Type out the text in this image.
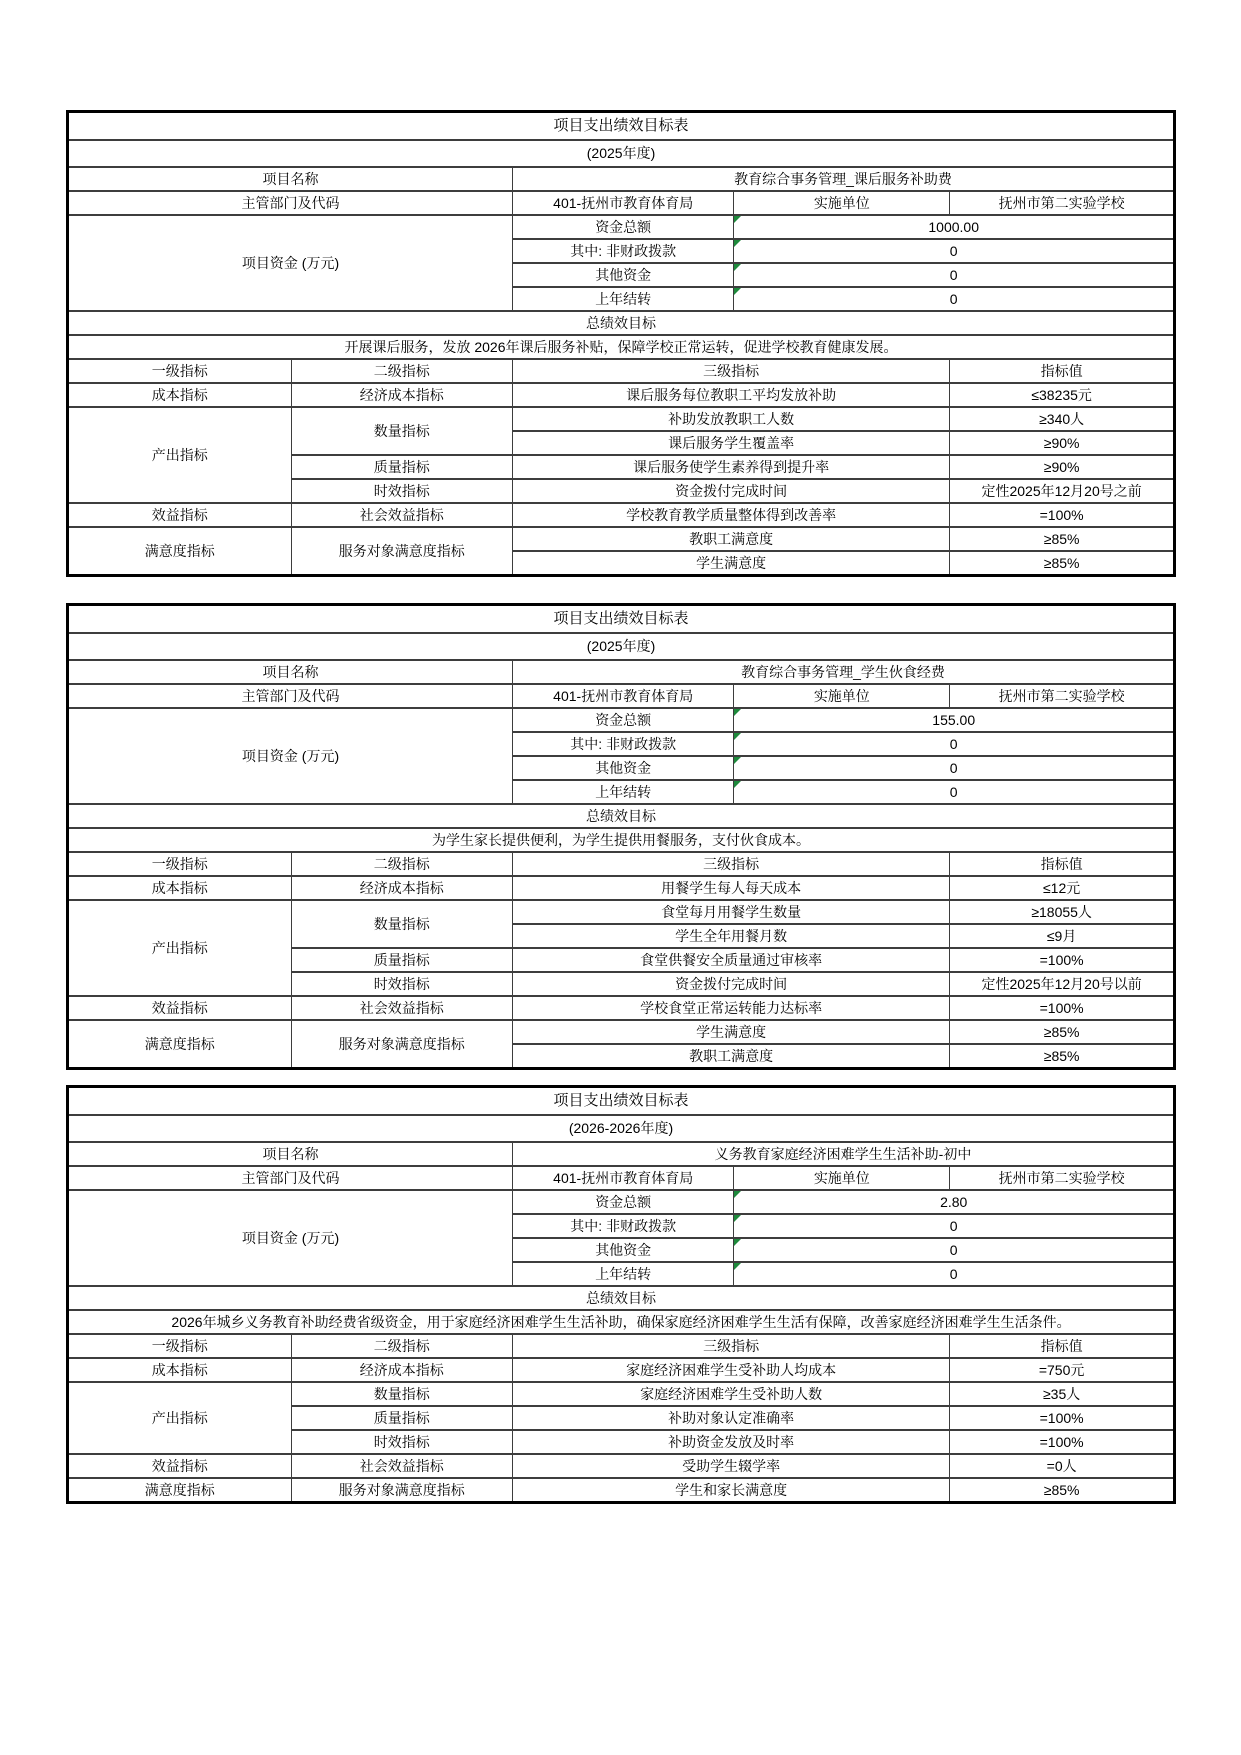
项目支出绩效目标表				
(2025年度)				
项目名称		教育综合事务管理_课后服务补助费		
主管部门及代码		401-抚州市教育体育局	实施单位	抚州市第二实验学校
项目资金 (万元)		资金总额	1000.00	
		其中: 非财政拨款	0	
		其他资金	0	
		上年结转	0	
总绩效目标				
开展课后服务，发放 2026年课后服务补贴，保障学校正常运转，促进学校教育健康发展。				
一级指标	二级指标	三级指标		指标值
成本指标	经济成本指标	课后服务每位教职工平均发放补助		≤38235元
产出指标	数量指标	补助发放教职工人数		≥340人
		课后服务学生覆盖率		≥90%
	质量指标	课后服务使学生素养得到提升率		≥90%
	时效指标	资金拨付完成时间		定性2025年12月20号之前
效益指标	社会效益指标	学校教育教学质量整体得到改善率		=100%
满意度指标	服务对象满意度指标	教职工满意度		≥85%
		学生满意度		≥85%
项目支出绩效目标表				
(2025年度)				
项目名称		教育综合事务管理_学生伙食经费		
主管部门及代码		401-抚州市教育体育局	实施单位	抚州市第二实验学校
项目资金 (万元)		资金总额	155.00	
		其中: 非财政拨款	0	
		其他资金	0	
		上年结转	0	
总绩效目标				
为学生家长提供便利，为学生提供用餐服务，支付伙食成本。				
一级指标	二级指标	三级指标		指标值
成本指标	经济成本指标	用餐学生每人每天成本		≤12元
产出指标	数量指标	食堂每月用餐学生数量		≥18055人
		学生全年用餐月数		≤9月
	质量指标	食堂供餐安全质量通过审核率		=100%
	时效指标	资金拨付完成时间		定性2025年12月20号以前
效益指标	社会效益指标	学校食堂正常运转能力达标率		=100%
满意度指标	服务对象满意度指标	学生满意度		≥85%
		教职工满意度		≥85%
项目支出绩效目标表				
(2026-2026年度)				
项目名称		义务教育家庭经济困难学生生活补助-初中		
主管部门及代码		401-抚州市教育体育局	实施单位	抚州市第二实验学校
项目资金 (万元)		资金总额	2.80	
		其中: 非财政拨款	0	
		其他资金	0	
		上年结转	0	
总绩效目标				
2026年城乡义务教育补助经费省级资金，用于家庭经济困难学生生活补助，确保家庭经济困难学生生活有保障，改善家庭经济困难学生生活条件。				
一级指标	二级指标	三级指标		指标值
成本指标	经济成本指标	家庭经济困难学生受补助人均成本		=750元
产出指标	数量指标	家庭经济困难学生受补助人数		≥35人
	质量指标	补助对象认定准确率		=100%
	时效指标	补助资金发放及时率		=100%
效益指标	社会效益指标	受助学生辍学率		=0人
满意度指标	服务对象满意度指标	学生和家长满意度		≥85%
